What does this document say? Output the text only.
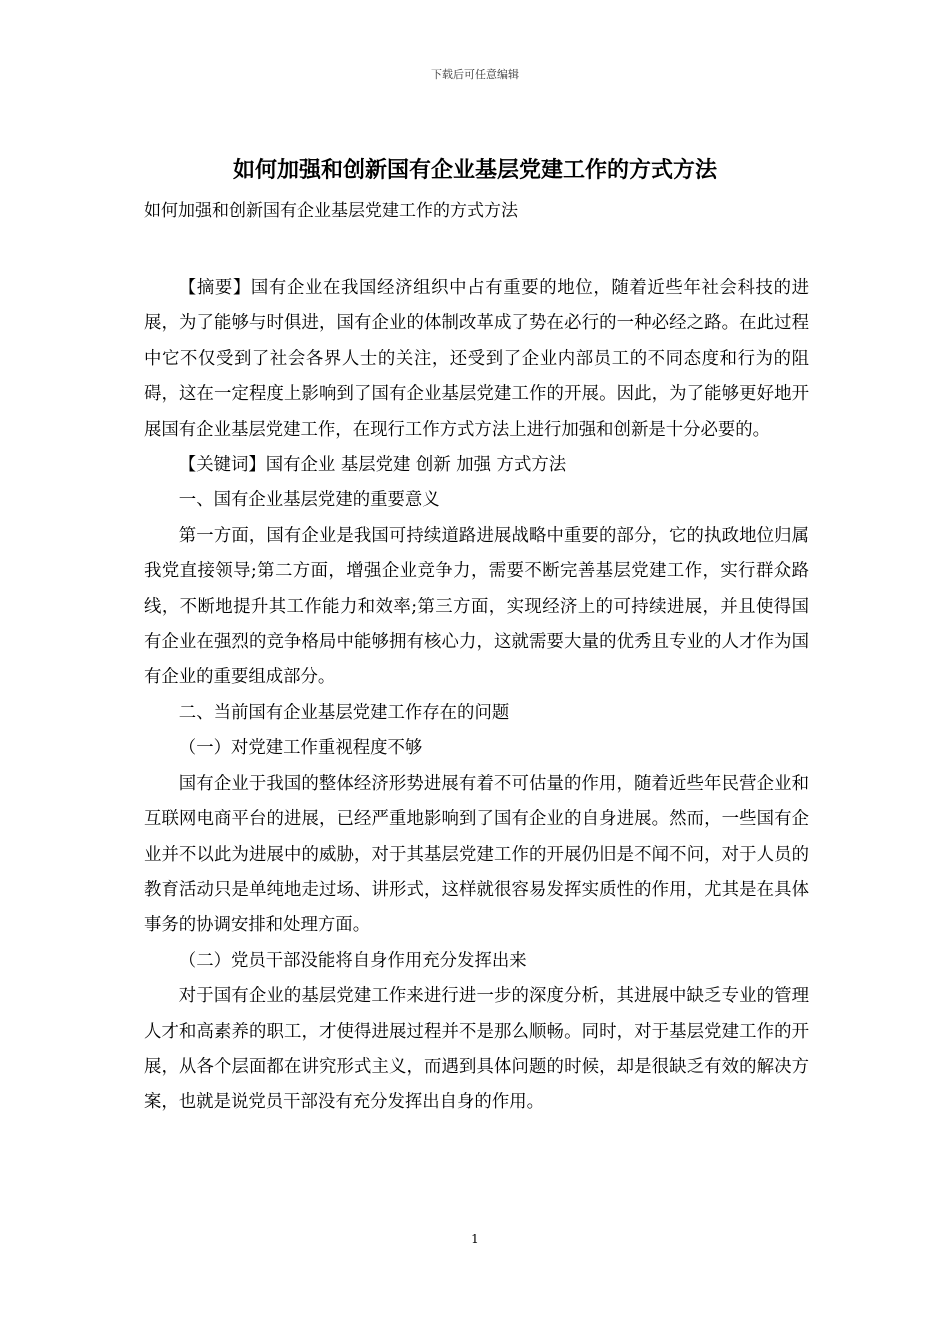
下载后可任意编辑
如何加强和创新国有企业基层党建工作的方式方法
如何加强和创新国有企业基层党建工作的方式方法

【摘要】国有企业在我国经济组织中占有重要的地位，随着近些年社会科技的进展，为了能够与时俱进，国有企业的体制改革成了势在必行的一种必经之路。在此过程中它不仅受到了社会各界人士的关注，还受到了企业内部员工的不同态度和行为的阻碍，这在一定程度上影响到了国有企业基层党建工作的开展。因此，为了能够更好地开展国有企业基层党建工作，在现行工作方式方法上进行加强和创新是十分必要的。

【关键词】国有企业 基层党建 创新 加强 方式方法

一、国有企业基层党建的重要意义

第一方面，国有企业是我国可持续道路进展战略中重要的部分，它的执政地位归属我党直接领导;第二方面，增强企业竞争力，需要不断完善基层党建工作，实行群众路线，不断地提升其工作能力和效率;第三方面，实现经济上的可持续进展，并且使得国有企业在强烈的竞争格局中能够拥有核心力，这就需要大量的优秀且专业的人才作为国有企业的重要组成部分。

二、当前国有企业基层党建工作存在的问题

（一）对党建工作重视程度不够

国有企业于我国的整体经济形势进展有着不可估量的作用，随着近些年民营企业和互联网电商平台的进展，已经严重地影响到了国有企业的自身进展。然而，一些国有企业并不以此为进展中的威胁，对于其基层党建工作的开展仍旧是不闻不问，对于人员的教育活动只是单纯地走过场、讲形式，这样就很容易发挥实质性的作用，尤其是在具体事务的协调安排和处理方面。

（二）党员干部没能将自身作用充分发挥出来

对于国有企业的基层党建工作来进行进一步的深度分析，其进展中缺乏专业的管理人才和高素养的职工，才使得进展过程并不是那么顺畅。同时，对于基层党建工作的开展，从各个层面都在讲究形式主义，而遇到具体问题的时候，却是很缺乏有效的解决方案，也就是说党员干部没有充分发挥出自身的作用。

1
